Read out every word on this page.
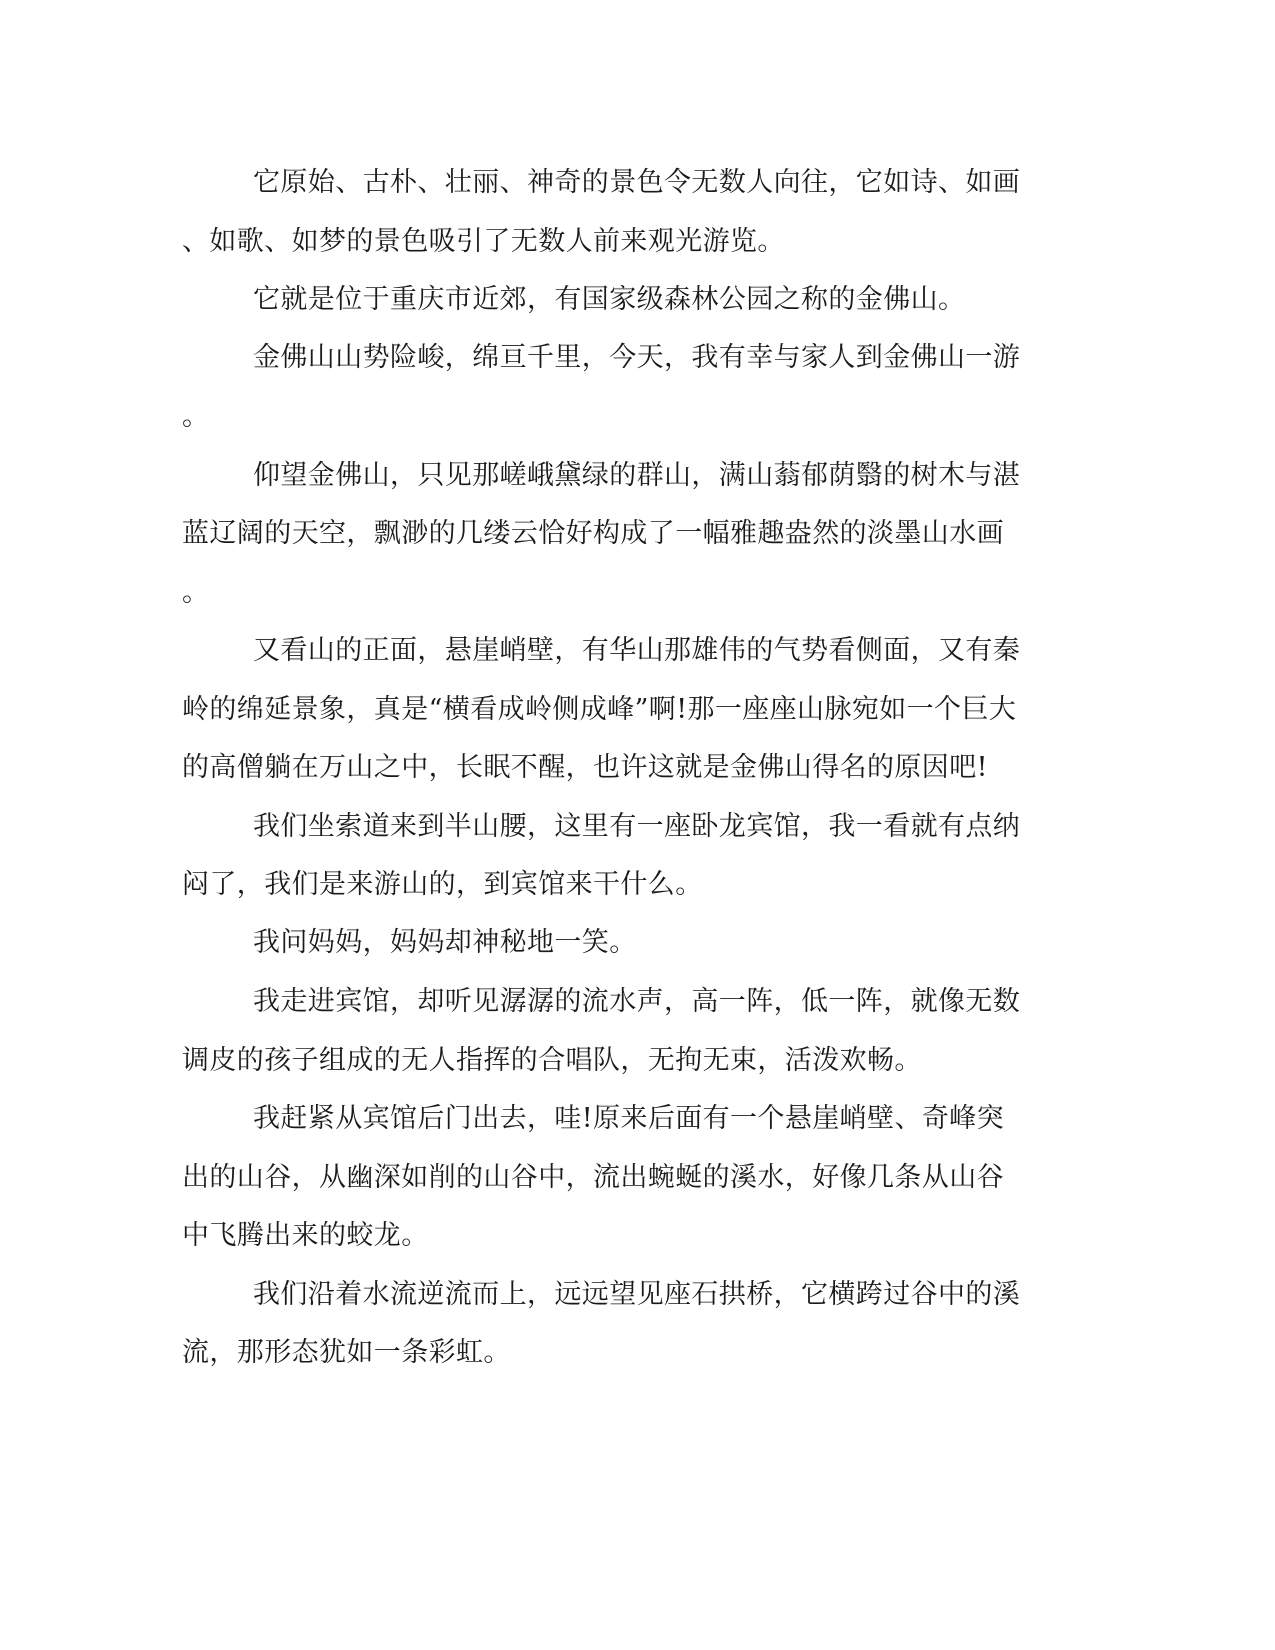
它原始、古朴、壮丽、神奇的景色令无数人向往，它如诗、如画
、如歌、如梦的景色吸引了无数人前来观光游览。
它就是位于重庆市近郊，有国家级森林公园之称的金佛山。
金佛山山势险峻，绵亘千里，今天，我有幸与家人到金佛山一游
。
仰望金佛山，只见那嵯峨黛绿的群山，满山蓊郁荫翳的树木与湛
蓝辽阔的天空，飘渺的几缕云恰好构成了一幅雅趣盎然的淡墨山水画
。
又看山的正面，悬崖峭壁，有华山那雄伟的气势看侧面，又有秦
岭的绵延景象，真是“横看成岭侧成峰”啊!那一座座山脉宛如一个巨大
的高僧躺在万山之中，长眠不醒，也许这就是金佛山得名的原因吧!
我们坐索道来到半山腰，这里有一座卧龙宾馆，我一看就有点纳
闷了，我们是来游山的，到宾馆来干什么。
我问妈妈，妈妈却神秘地一笑。
我走进宾馆，却听见潺潺的流水声，高一阵，低一阵，就像无数
调皮的孩子组成的无人指挥的合唱队，无拘无束，活泼欢畅。
我赶紧从宾馆后门出去，哇!原来后面有一个悬崖峭壁、奇峰突
出的山谷，从幽深如削的山谷中，流出蜿蜒的溪水，好像几条从山谷
中飞腾出来的蛟龙。
我们沿着水流逆流而上，远远望见座石拱桥，它横跨过谷中的溪
流，那形态犹如一条彩虹。
